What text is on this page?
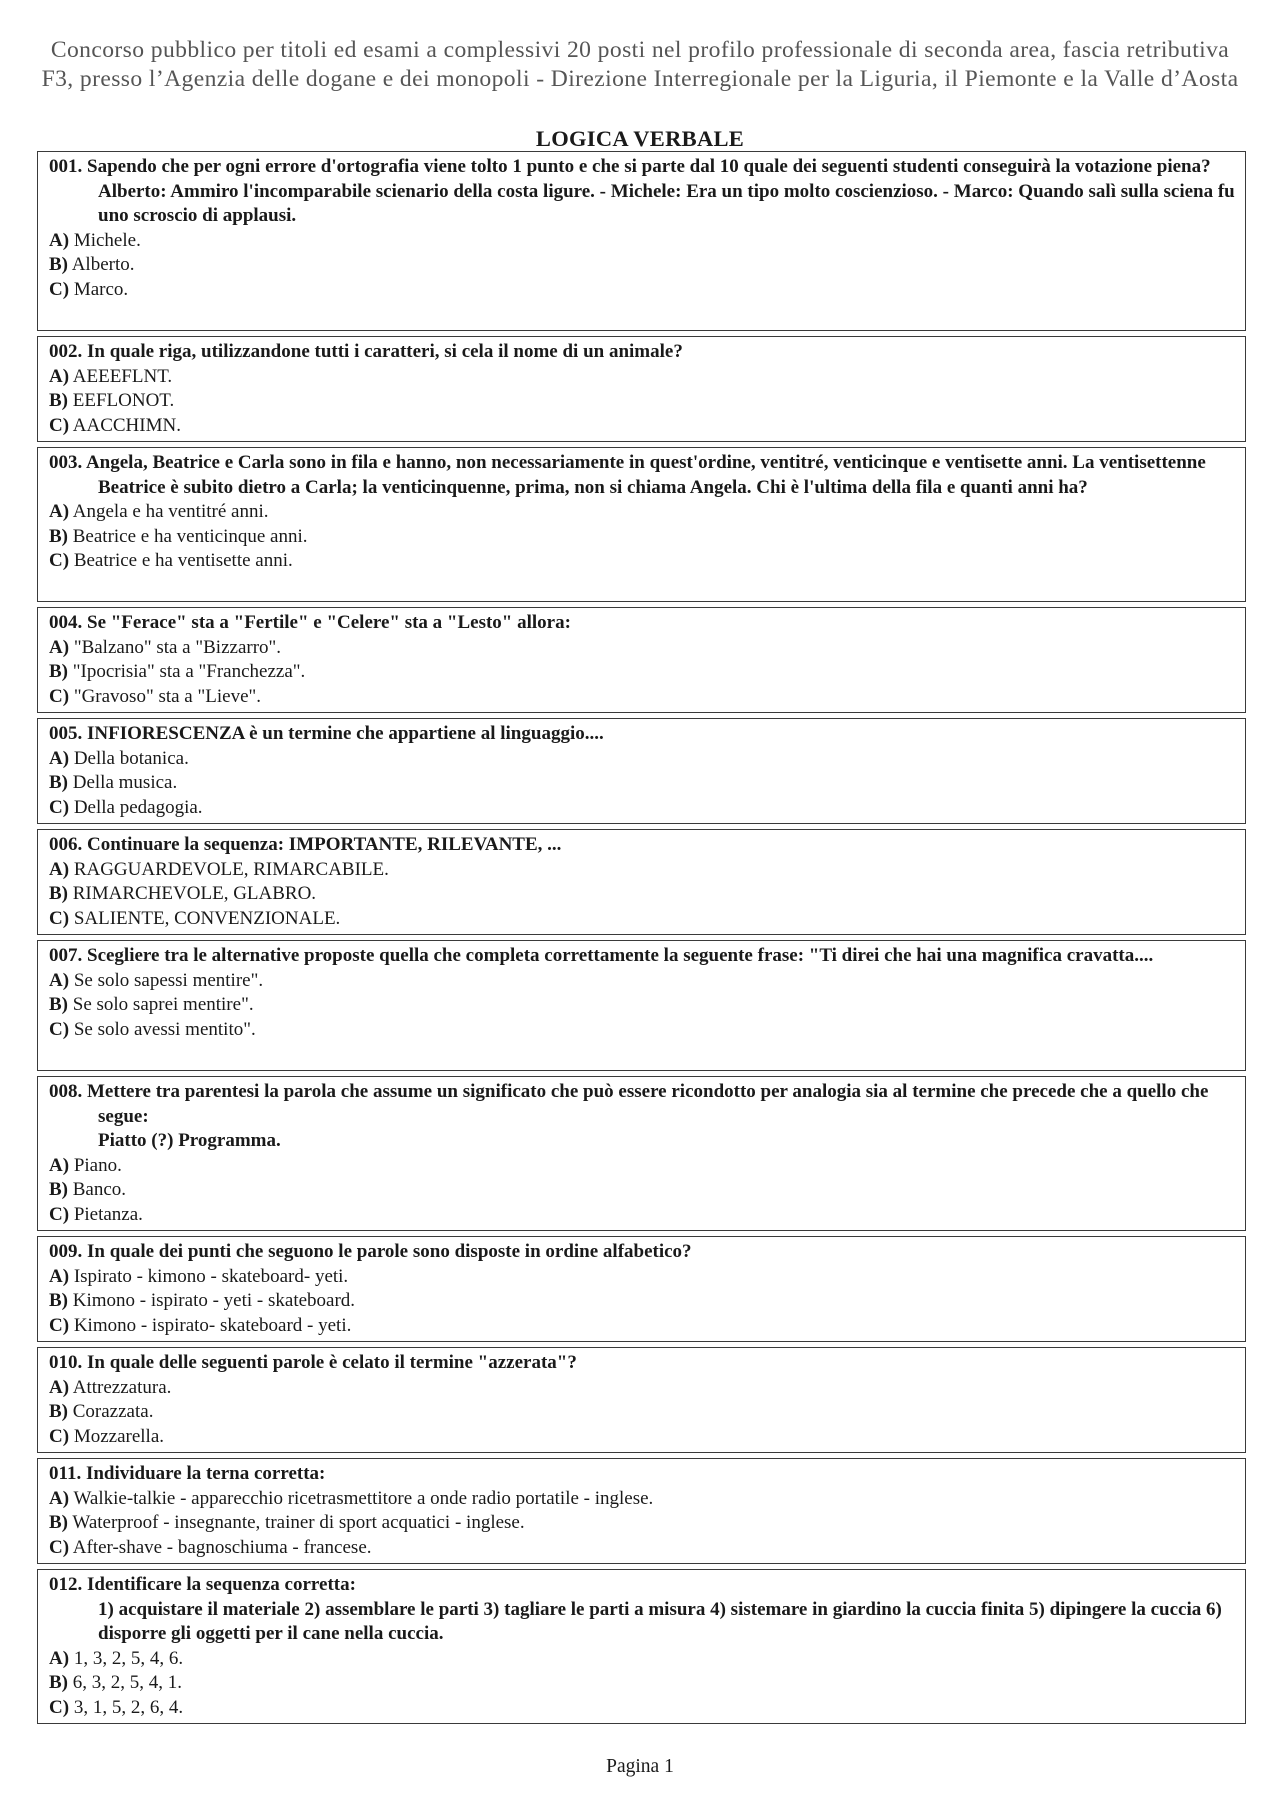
Concorso pubblico per titoli ed esami a complessivi 20 posti nel profilo professionale di seconda area, fascia retributiva F3, presso l’Agenzia delle dogane e dei monopoli - Direzione Interregionale per la Liguria, il Piemonte e la Valle d’Aosta
LOGICA VERBALE
001. Sapendo che per ogni errore d'ortografia viene tolto 1 punto e che si parte dal 10 quale dei seguenti studenti conseguirà la votazione piena?
Alberto: Ammiro l'incomparabile scienario della costa ligure. - Michele: Era un tipo molto coscienzioso. - Marco: Quando salì sulla sciena fu uno scroscio di applausi.
A) Michele.
B) Alberto.
C) Marco.
002. In quale riga, utilizzandone tutti i caratteri, si cela il nome di un animale?
A) AEEEFLNT.
B) EEFLONOT.
C) AACCHIMN.
003. Angela, Beatrice e Carla sono in fila e hanno, non necessariamente in quest'ordine, ventitré, venticinque e ventisette anni. La ventisettenne Beatrice è subito dietro a Carla; la venticinquenne, prima, non si chiama Angela. Chi è l'ultima della fila e quanti anni ha?
A) Angela e ha ventitré anni.
B) Beatrice e ha venticinque anni.
C) Beatrice e ha ventisette anni.
004. Se "Ferace" sta a "Fertile" e "Celere" sta a "Lesto" allora:
A) "Balzano" sta a "Bizzarro".
B) "Ipocrisia" sta a "Franchezza".
C) "Gravoso" sta a "Lieve".
005. INFIORESCENZA è un termine che appartiene al linguaggio....
A) Della botanica.
B) Della musica.
C) Della pedagogia.
006. Continuare la sequenza: IMPORTANTE, RILEVANTE, ...
A) RAGGUARDEVOLE, RIMARCABILE.
B) RIMARCHEVOLE, GLABRO.
C) SALIENTE, CONVENZIONALE.
007. Scegliere tra le alternative proposte quella che completa correttamente la seguente frase: "Ti direi che hai una magnifica cravatta....
A) Se solo sapessi mentire".
B) Se solo saprei mentire".
C) Se solo avessi mentito".
008. Mettere tra parentesi la parola che assume un significato che può essere ricondotto per analogia sia al termine che precede che a quello che segue:
Piatto (?) Programma.
A) Piano.
B) Banco.
C) Pietanza.
009. In quale dei punti che seguono le parole sono disposte in ordine alfabetico?
A) Ispirato - kimono - skateboard- yeti.
B) Kimono - ispirato - yeti - skateboard.
C) Kimono - ispirato- skateboard - yeti.
010. In quale delle seguenti parole è celato il termine "azzerata"?
A) Attrezzatura.
B) Corazzata.
C) Mozzarella.
011. Individuare la terna corretta:
A) Walkie-talkie - apparecchio ricetrasmettitore a onde radio portatile - inglese.
B) Waterproof - insegnante, trainer di sport acquatici - inglese.
C) After-shave - bagnoschiuma - francese.
012. Identificare la sequenza corretta:
1) acquistare il materiale 2) assemblare le parti 3) tagliare le parti a misura 4) sistemare in giardino la cuccia finita 5) dipingere la cuccia 6) disporre gli oggetti per il cane nella cuccia.
A) 1, 3, 2, 5, 4, 6.
B) 6, 3, 2, 5, 4, 1.
C) 3, 1, 5, 2, 6, 4.
Pagina 1
